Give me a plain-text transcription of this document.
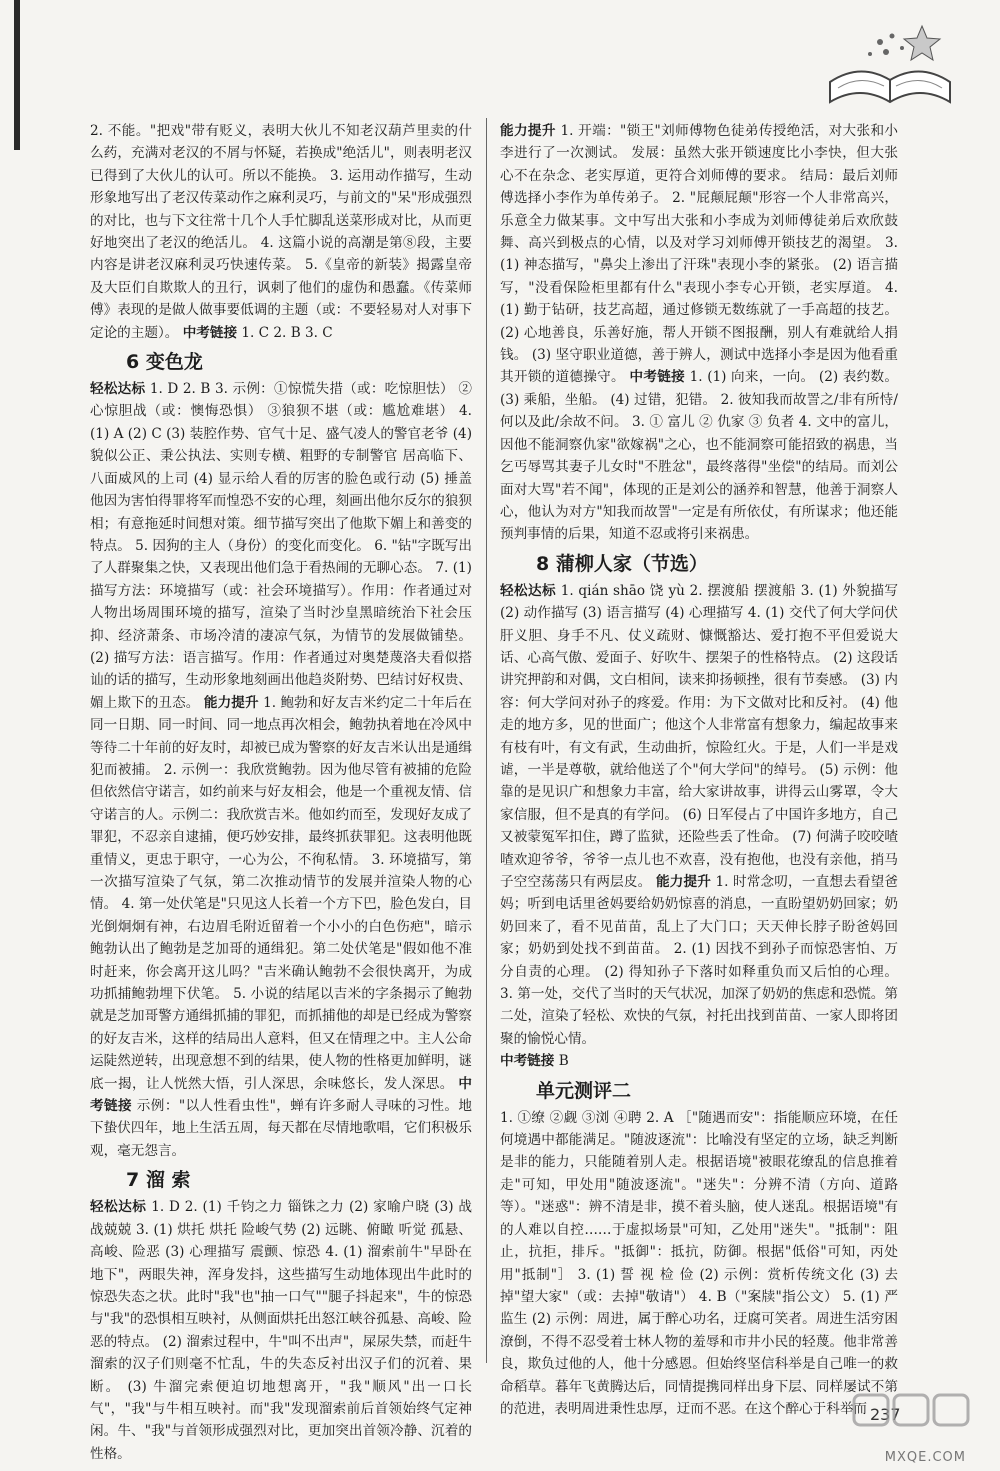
2. 不能。"把戏"带有贬义，表明大伙儿不知老汉葫芦里卖的什么药，充满对老汉的不屑与怀疑，若换成"绝活儿"，则表明老汉已得到了大伙儿的认可。所以不能换。 3. 运用动作描写，生动形象地写出了老汉传菜动作之麻利灵巧，与前文的"呆"形成强烈的对比，也与下文往常十几个人手忙脚乱送菜形成对比，从而更好地突出了老汉的绝活儿。 4. 这篇小说的高潮是第⑧段，主要内容是讲老汉麻利灵巧快速传菜。 5.《皇帝的新装》揭露皇帝及大臣们自欺欺人的丑行，讽刺了他们的虚伪和愚蠢。《传菜师傅》表现的是做人做事要低调的主题（或：不要轻易对人对事下定论的主题）。 中考链接 1. C 2. B 3. C

6 变色龙

轻松达标 1. D 2. B 3. 示例：①惊慌失措（或：吃惊胆怯） ②心惊胆战（或：懊悔恐惧） ③狼狈不堪（或：尴尬难堪） 4. (1) A (2) C (3) 装腔作势、官气十足、盛气凌人的警官老爷 (4) 貌似公正、秉公执法、实则专横、粗野的专制警官 居高临下、八面威风的上司 (4) 显示给人看的厉害的脸色或行动 (5) 捶盖他因为害怕得罪将军而惶恐不安的心理，刻画出他尔反尔的狼狈相；有意拖延时间想对策。细节描写突出了他欺下媚上和善变的特点。 5. 因狗的主人（身份）的变化而变化。 6. "钻"字既写出了人群聚集之快，又表现出他们急于看热闹的无聊心态。 7. (1) 描写方法：环境描写（或：社会环境描写）。作用：作者通过对人物出场周围环境的描写，渲染了当时沙皇黑暗统治下社会压抑、经济萧条、市场冷清的凄凉气氛，为情节的发展做铺垫。 (2) 描写方法：语言描写。作用：作者通过对奥楚蔑洛夫看似搭讪的话的描写，生动形象地刻画出他趋炎附势、巴结讨好权贵、媚上欺下的丑态。 能力提升 1. 鲍勃和好友吉米约定二十年后在同一日期、同一时间、同一地点再次相会，鲍勃执着地在冷风中等待二十年前的好友时，却被已成为警察的好友吉米认出是通缉犯而被捕。 2. 示例一：我欣赏鲍勃。因为他尽管有被捕的危险但依然信守诺言，如约前来与好友相会，他是一个重视友情、信守诺言的人。示例二：我欣赏吉米。他如约而至，发现好友成了罪犯，不忍亲自逮捕，便巧妙安排，最终抓获罪犯。这表明他既重情义，更忠于职守，一心为公，不徇私情。 3. 环境描写，第一次描写渲染了气氛，第二次推动情节的发展并渲染人物的心情。 4. 第一处伏笔是"只见这人长着一个方下巴，脸色发白，目光倒炯炯有神，右边眉毛附近留着一个小小的白色伤疤"，暗示鲍勃认出了鲍勃是芝加哥的通缉犯。第二处伏笔是"假如他不准时赶来，你会离开这儿吗？"吉米确认鲍勃不会很快离开，为成功抓捕鲍勃埋下伏笔。 5. 小说的结尾以吉米的字条揭示了鲍勃就是芝加哥警方通缉抓捕的罪犯，而抓捕他的却是已经成为警察的好友吉米，这样的结局出人意料，但又在情理之中。主人公命运陡然逆转，出现意想不到的结果，使人物的性格更加鲜明，谜底一揭，让人恍然大悟，引人深思，余味悠长，发人深思。 中考链接 示例："以人性看虫性"，蝉有许多耐人寻味的习性。地下蛰伏四年，地上生活五周，每天都在尽情地歌唱，它们积极乐观，毫无怨言。

7 溜 索

轻松达标 1. D 2. (1) 千钧之力 锱铢之力 (2) 家喻户晓 (3) 战战兢兢 3. (1) 烘托 烘托 险峻气势 (2) 远眺、俯瞰 听觉 孤悬、高峻、险恶 (3) 心理描写 震颤、惊恐 4. (1) 溜索前牛"早卧在地下"，两眼失神，浑身发抖，这些描写生动地体现出牛此时的惊恐失态之状。此时"我"也"抽一口气""腿子抖起来"，牛的惊恐与"我"的恐惧相互映衬，从侧面烘托出怒江峡谷孤悬、高峻、险恶的特点。 (2) 溜索过程中，牛"叫不出声"，屎尿失禁，而赶牛溜索的汉子们则毫不忙乱，牛的失态反衬出汉子们的沉着、果断。 (3) 牛溜完索便迫切地想离开，"我"顺风"出一口长气"，"我"与牛相互映衬。而"我"发现溜索前后首领始终气定神闲。牛、"我"与首领形成强烈对比，更加突出首领冷静、沉着的性格。

能力提升 1. 开端："锁王"刘师傅物色徒弟传授绝活，对大张和小李进行了一次测试。 发展：虽然大张开锁速度比小李快，但大张心不在杂念、老实厚道，更符合刘师傅的要求。 结局：最后刘师傅选择小李作为单传弟子。 2. "屁颠屁颠"形容一个人非常高兴，乐意全力做某事。文中写出大张和小李成为刘师傅徒弟后欢欣鼓舞、高兴到极点的心情，以及对学习刘师傅开锁技艺的渴望。 3. (1) 神态描写，"鼻尖上渗出了汗珠"表现小李的紧张。 (2) 语言描写，"没看保险柜里都有什么"表现小李专心开锁，老实厚道。 4. (1) 勤于钻研，技艺高超，通过修锁无数练就了一手高超的技艺。 (2) 心地善良，乐善好施，帮人开锁不图报酬，别人有难就给人捐钱。 (3) 坚守职业道德，善于辨人，测试中选择小李是因为他看重其开锁的道德操守。 中考链接 1. (1) 向来，一向。 (2) 表约数。 (3) 乘船，坐船。 (4) 过错，犯错。 2. 彼知我而故詈之/非有所恃/何以及此/余故不问。 3. ① 富儿 ② 仇家 ③ 负者 4. 文中的富儿，因他不能洞察仇家"欲嫁祸"之心，也不能洞察可能招致的祸患，当乞丐辱骂其妻子儿女时"不胜忿"，最终落得"坐偿"的结局。而刘公面对大骂"若不闻"，体现的正是刘公的涵养和智慧，他善于洞察人心，他认为对方"知我而故詈"一定是有所依仗，有所谋求；他还能预判事情的后果，知道不忍或将引来祸患。

8 蒲柳人家（节选）

轻松达标 1. qián shāo 饶 yù 2. 摆渡船 摆渡船 3. (1) 外貌描写 (2) 动作描写 (3) 语言描写 (4) 心理描写 4. (1) 交代了何大学问伏肝义胆、身手不凡、仗义疏财、慷慨豁达、爱打抱不平但爱说大话、心高气傲、爱面子、好吹牛、摆架子的性格特点。 (2) 这段话讲究押韵和对偶，文白相间，读来抑扬顿挫，很有节奏感。 (3) 内容：何大学问对孙子的疼爱。作用：为下文做对比和反衬。 (4) 他走的地方多，见的世面广；他这个人非常富有想象力，编起故事来有枝有叶，有文有武，生动曲折，惊险红火。于是，人们一半是戏谑，一半是尊敬，就给他送了个"何大学问"的绰号。 (5) 示例：他靠的是见识广和想象力丰富，给大家讲故事，讲得云山雾罩，令大家信服，但不是真的有学问。 (6) 日军侵占了中国许多地方，自己又被蒙冤军扣住，蹲了监狱，还险些丢了性命。 (7) 何满子咬咬喳喳欢迎爷爷，爷爷一点儿也不欢喜，没有抱他，也没有亲他，捎马子空空荡荡只有两层皮。 能力提升 1. 时常念叨，一直想去看望爸妈；听到电话里爸妈要给奶奶惊喜的消息，一直盼望奶奶回家；奶奶回来了，看不见苗苗，乱上了大门口；天天伸长脖子盼爸妈回家；奶奶到处找不到苗苗。 2. (1) 因找不到孙子而惊恐害怕、万分自责的心理。 (2) 得知孙子下落时如释重负而又后怕的心理。 3. 第一处，交代了当时的天气状况，加深了奶奶的焦虑和恐慌。第二处，渲染了轻松、欢快的气氛，衬托出找到苗苗、一家人即将团聚的愉悦心情。

中考链接 B

单元测评二

1. ①缭 ②觑 ③浏 ④聘 2. A ［"随遇而安"：指能顺应环境，在任何境遇中都能满足。"随波逐流"：比喻没有坚定的立场，缺乏判断是非的能力，只能随着别人走。根据语境"被眼花缭乱的信息推着走"可知，甲处用"随波逐流"。"迷失"：分辨不清（方向、道路等）。"迷惑"：辨不清是非，摸不着头脑，使人迷乱。根据语境"有的人难以自控……于虚拟场景"可知，乙处用"迷失"。"抵制"：阻止，抗拒，排斥。"抵御"：抵抗，防御。根据"低俗"可知，丙处用"抵制"］ 3. (1) 誓 视 检 俭 (2) 示例：赏析传统文化 (3) 去掉"望大家"（或：去掉"敬请"） 4. B（"案牍"指公文） 5. (1) 严监生 (2) 示例：周进，属于醉心功名，迂腐可笑者。周进生活穷困潦倒，不得不忍受着士林人物的羞辱和市井小民的轻蔑。他非常善良，欺负过他的人，他十分感恩。但始终坚信科举是自己唯一的救命稻草。暮年飞黄腾达后，同情提携同样出身下层、同样屡试不第的范进，表明周进秉性忠厚，迂而不恶。在这个醉心于科举而 237
MXQE.COM
